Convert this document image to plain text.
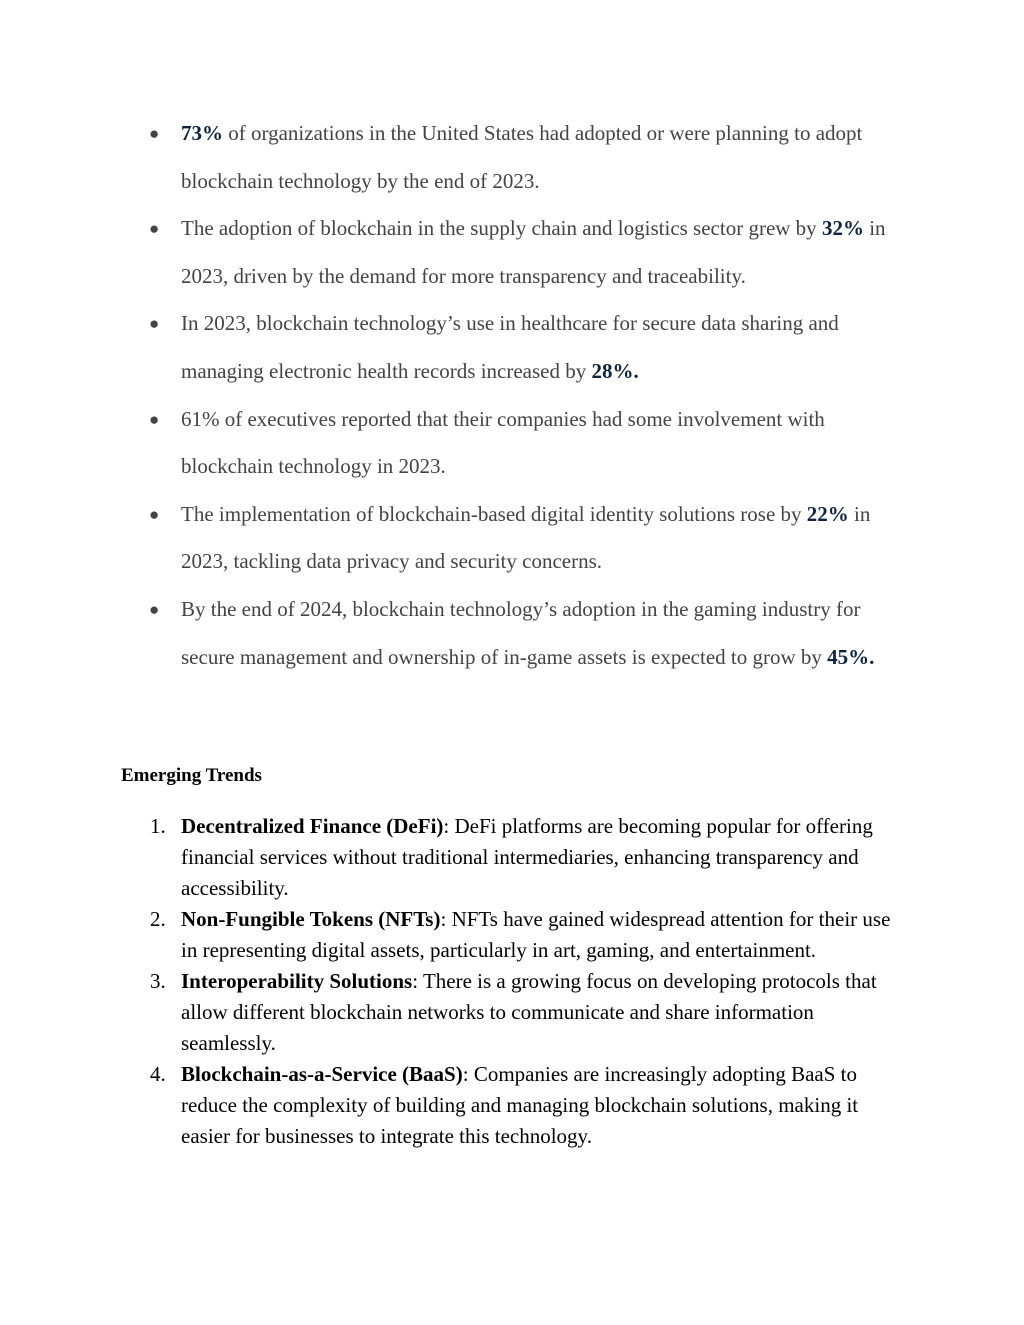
● 73% of organizations in the United States had adopted or were planning to adopt blockchain technology by the end of 2023.
● The adoption of blockchain in the supply chain and logistics sector grew by 32% in 2023, driven by the demand for more transparency and traceability.
● In 2023, blockchain technology’s use in healthcare for secure data sharing and managing electronic health records increased by 28%.
● 61% of executives reported that their companies had some involvement with blockchain technology in 2023.
● The implementation of blockchain-based digital identity solutions rose by 22% in 2023, tackling data privacy and security concerns.
● By the end of 2024, blockchain technology’s adoption in the gaming industry for secure management and ownership of in-game assets is expected to grow by 45%.
Emerging Trends
1. Decentralized Finance (DeFi): DeFi platforms are becoming popular for offering financial services without traditional intermediaries, enhancing transparency and accessibility.
2. Non-Fungible Tokens (NFTs): NFTs have gained widespread attention for their use in representing digital assets, particularly in art, gaming, and entertainment.
3. Interoperability Solutions: There is a growing focus on developing protocols that allow different blockchain networks to communicate and share information seamlessly.
4. Blockchain-as-a-Service (BaaS): Companies are increasingly adopting BaaS to reduce the complexity of building and managing blockchain solutions, making it easier for businesses to integrate this technology.
